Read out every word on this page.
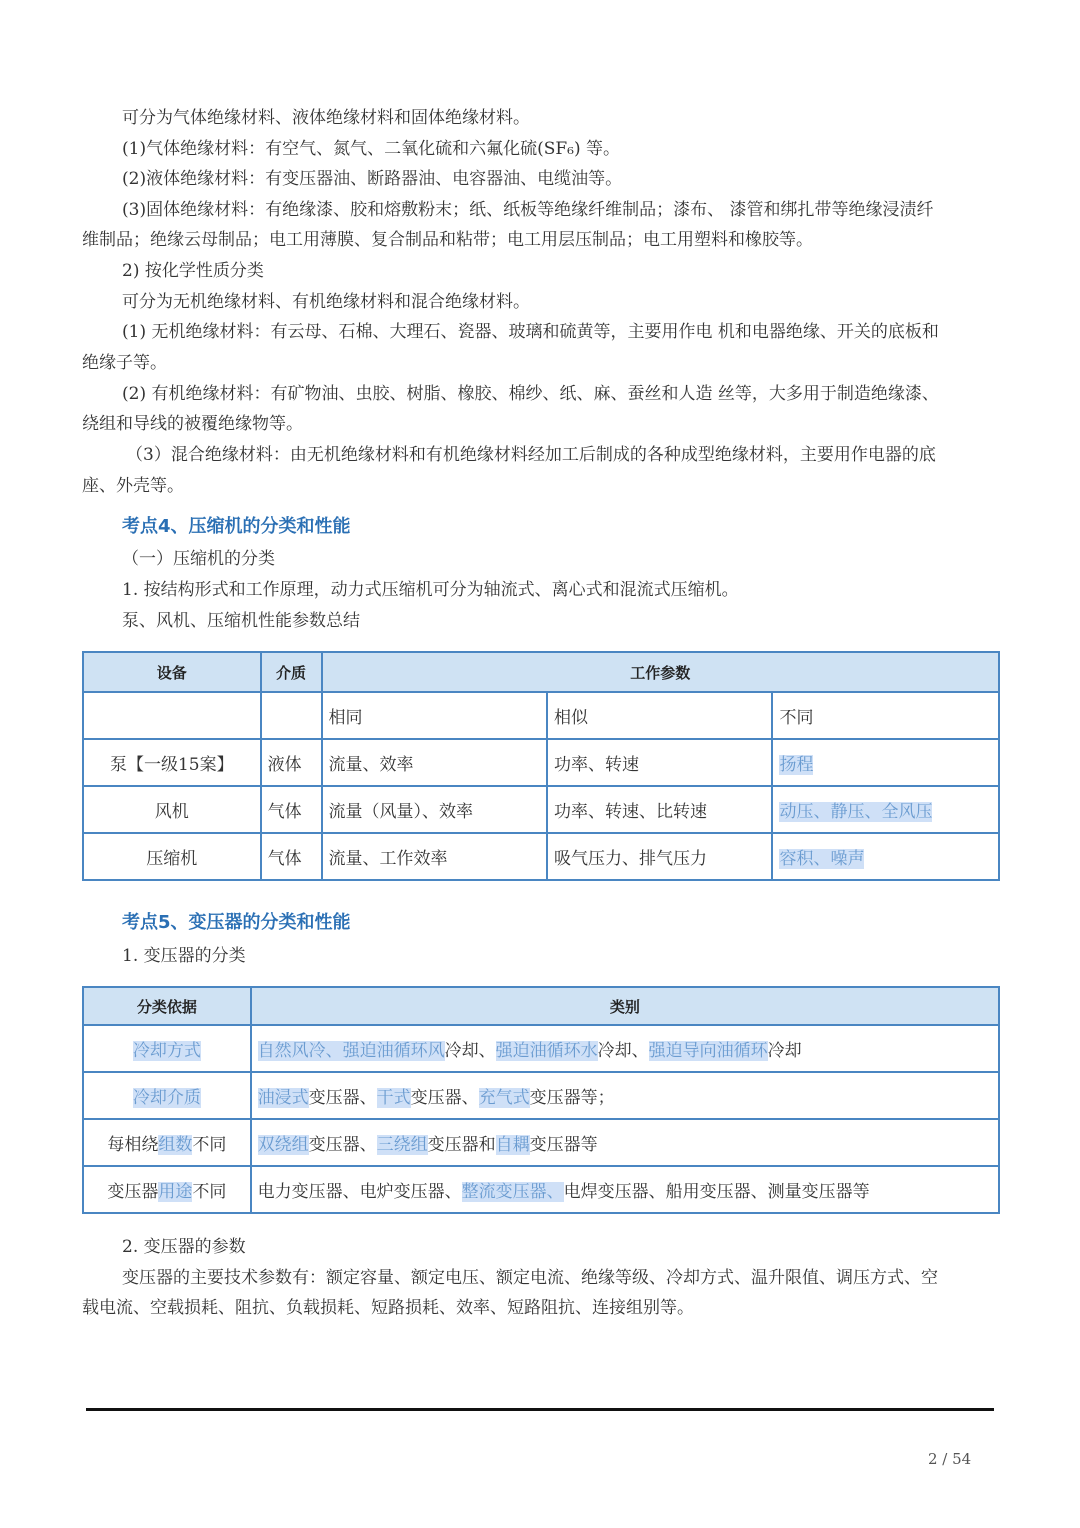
可分为气体绝缘材料、液体绝缘材料和固体绝缘材料。
(1)气体绝缘材料：有空气、氮气、二氧化硫和六氟化硫(SF₆) 等。
(2)液体绝缘材料：有变压器油、断路器油、电容器油、电缆油等。
(3)固体绝缘材料：有绝缘漆、胶和熔敷粉末；纸、纸板等绝缘纤维制品；漆布、 漆管和绑扎带等绝缘浸渍纤
维制品；绝缘云母制品；电工用薄膜、复合制品和粘带；电工用层压制品；电工用塑料和橡胶等。
2) 按化学性质分类
可分为无机绝缘材料、有机绝缘材料和混合绝缘材料。
(1) 无机绝缘材料：有云母、石棉、大理石、瓷器、玻璃和硫黄等，主要用作电 机和电器绝缘、开关的底板和
绝缘子等。
(2) 有机绝缘材料：有矿物油、虫胶、树脂、橡胶、棉纱、纸、麻、蚕丝和人造 丝等，大多用于制造绝缘漆、
绕组和导线的被覆绝缘物等。
（3）混合绝缘材料：由无机绝缘材料和有机绝缘材料经加工后制成的各种成型绝缘材料，主要用作电器的底
座、外壳等。
考点4、压缩机的分类和性能
（一）压缩机的分类
1. 按结构形式和工作原理，动力式压缩机可分为轴流式、离心式和混流式压缩机。
泵、风机、压缩机性能参数总结
设备	介质	工作参数		
		相同	相似	不同
泵【一级15案】	液体	流量、效率	功率、转速	扬程
风机	气体	流量（风量）、效率	功率、转速、比转速	动压、静压、全风压
压缩机	气体	流量、工作效率	吸气压力、排气压力	容积、噪声
考点5、变压器的分类和性能
1. 变压器的分类
分类依据	类别
冷却方式	自然风冷、强迫油循环风冷却、强迫油循环水冷却、强迫导向油循环冷却
冷却介质	油浸式变压器、干式变压器、充气式变压器等；
每相绕组数不同	双绕组变压器、三绕组变压器和自耦变压器等
变压器用途不同	电力变压器、电炉变压器、整流变压器、电焊变压器、船用变压器、测量变压器等
2. 变压器的参数
变压器的主要技术参数有：额定容量、额定电压、额定电流、绝缘等级、冷却方式、温升限值、调压方式、空
载电流、空载损耗、阻抗、负载损耗、短路损耗、效率、短路阻抗、连接组别等。
2 / 54
